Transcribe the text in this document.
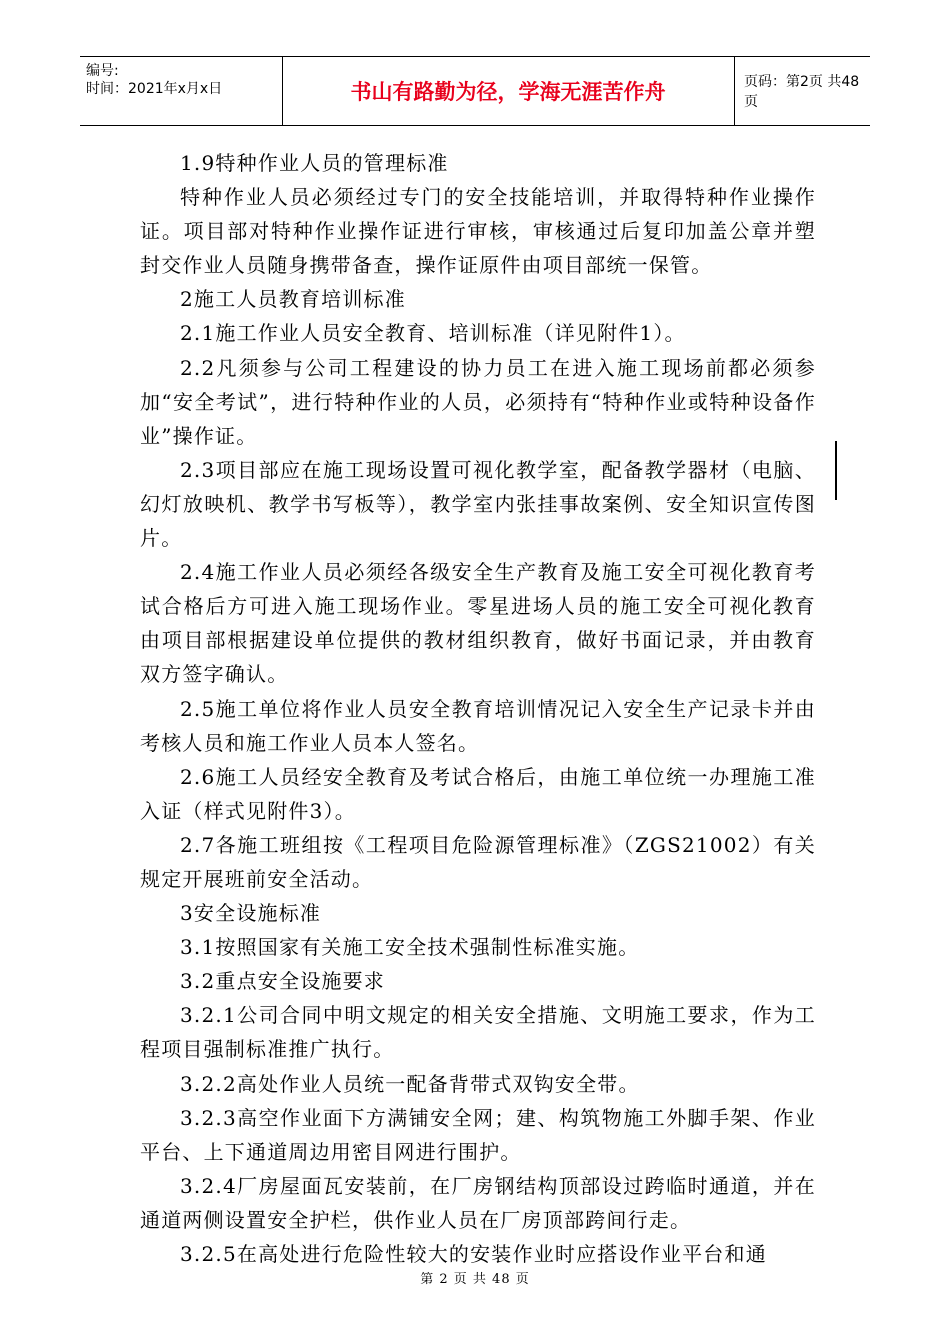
编号:
时间：2021年x月x日	书山有路勤为径，学海无涯苦作舟	页码：第2页 共48页

1.9特种作业人员的管理标准

特种作业人员必须经过专门的安全技能培训，并取得特种作业操作证。项目部对特种作业操作证进行审核，审核通过后复印加盖公章并塑封交作业人员随身携带备查，操作证原件由项目部统一保管。

2施工人员教育培训标准

2.1施工作业人员安全教育、培训标准（详见附件1）。

2.2凡须参与公司工程建设的协力员工在进入施工现场前都必须参加“安全考试”，进行特种作业的人员，必须持有“特种作业或特种设备作业”操作证。

2.3项目部应在施工现场设置可视化教学室，配备教学器材（电脑、幻灯放映机、教学书写板等），教学室内张挂事故案例、安全知识宣传图片。

2.4施工作业人员必须经各级安全生产教育及施工安全可视化教育考试合格后方可进入施工现场作业。零星进场人员的施工安全可视化教育由项目部根据建设单位提供的教材组织教育，做好书面记录，并由教育双方签字确认。

2.5施工单位将作业人员安全教育培训情况记入安全生产记录卡并由考核人员和施工作业人员本人签名。

2.6施工人员经安全教育及考试合格后，由施工单位统一办理施工准入证（样式见附件3）。

2.7各施工班组按《工程项目危险源管理标准》（ZGS21002）有关规定开展班前安全活动。

3安全设施标准

3.1按照国家有关施工安全技术强制性标准实施。

3.2重点安全设施要求

3.2.1公司合同中明文规定的相关安全措施、文明施工要求，作为工程项目强制标准推广执行。

3.2.2高处作业人员统一配备背带式双钩安全带。

3.2.3高空作业面下方满铺安全网；建、构筑物施工外脚手架、作业平台、上下通道周边用密目网进行围护。

3.2.4厂房屋面瓦安装前，在厂房钢结构顶部设过跨临时通道，并在通道两侧设置安全护栏，供作业人员在厂房顶部跨间行走。

3.2.5在高处进行危险性较大的安装作业时应搭设作业平台和通

第 2 页 共 48 页
